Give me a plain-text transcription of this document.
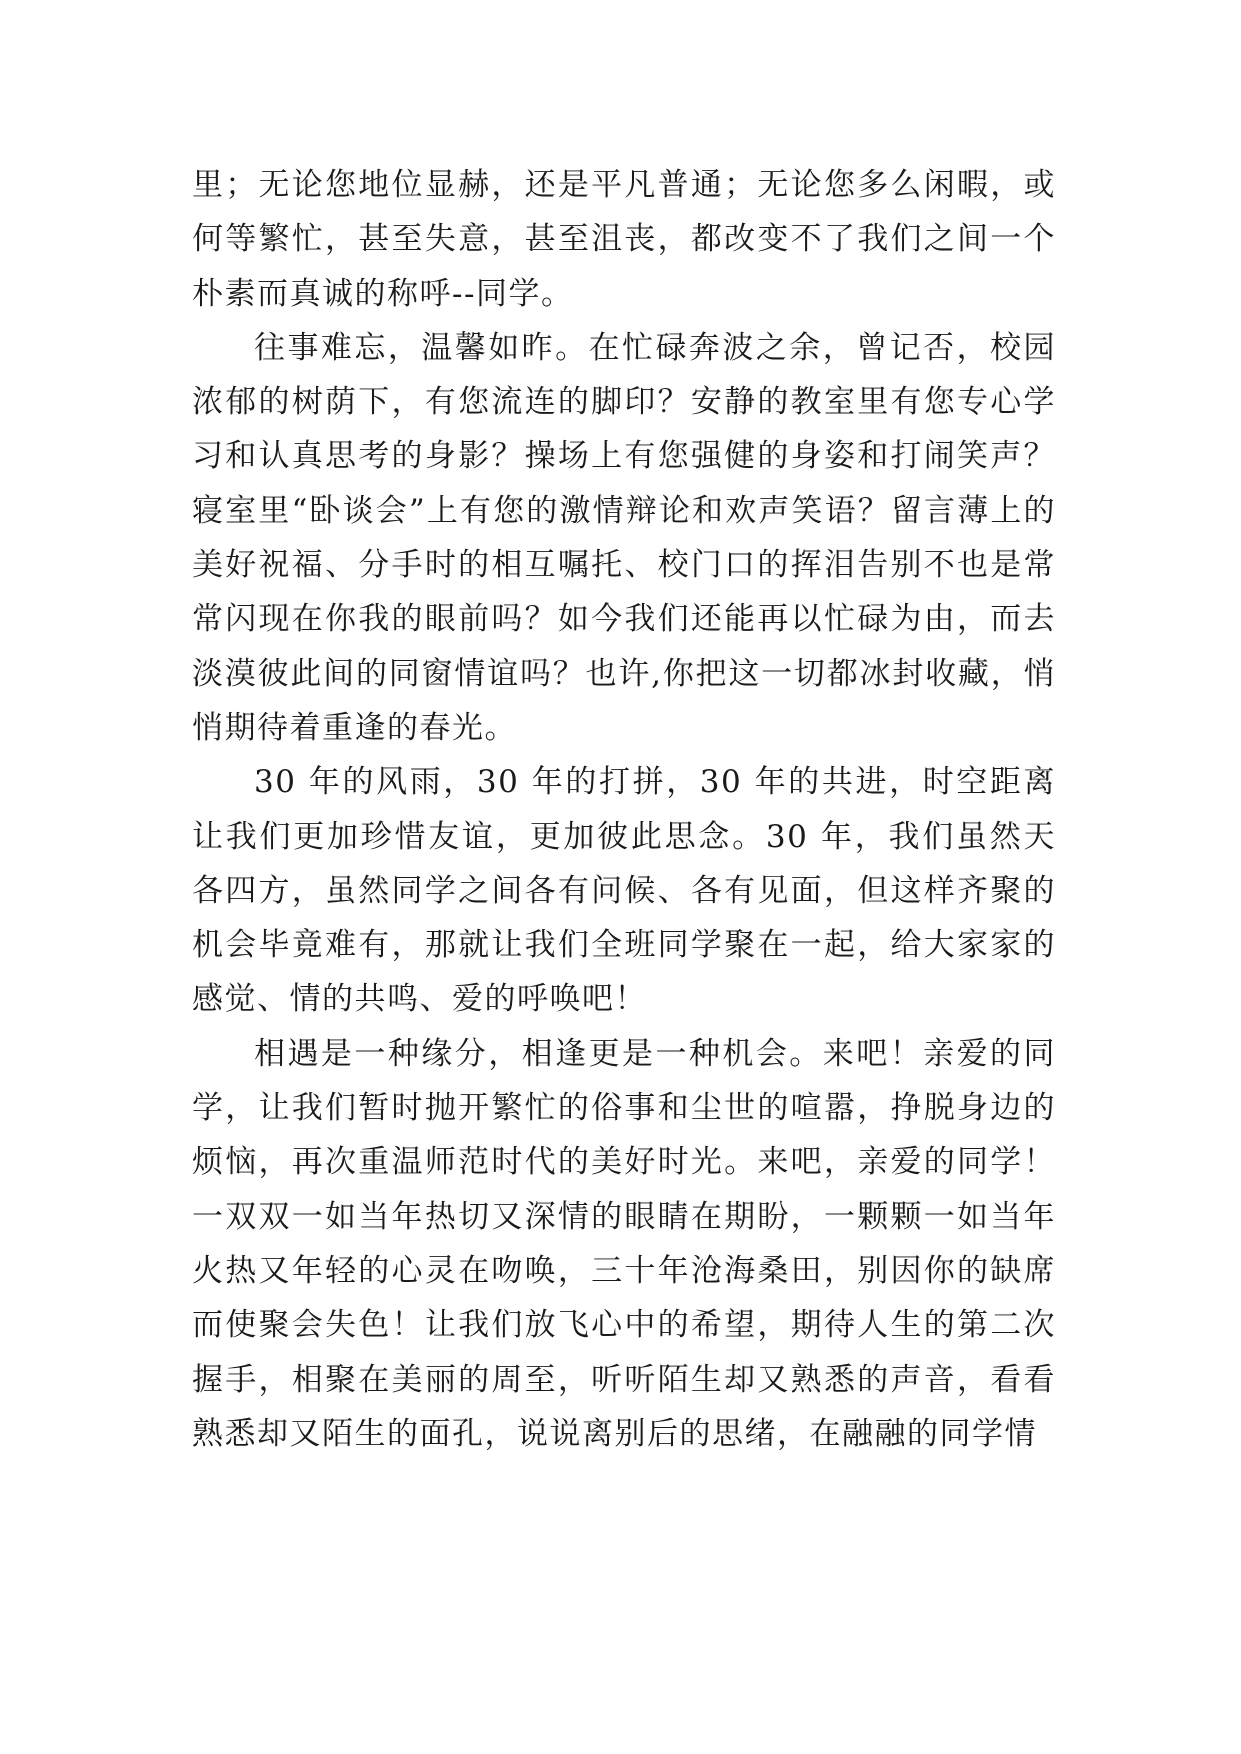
里；无论您地位显赫，还是平凡普通；无论您多么闲暇，或何等繁忙，甚至失意，甚至沮丧，都改变不了我们之间一个朴素而真诚的称呼--同学。

往事难忘，温馨如昨。在忙碌奔波之余，曾记否，校园浓郁的树荫下，有您流连的脚印？安静的教室里有您专心学习和认真思考的身影？操场上有您强健的身姿和打闹笑声？寝室里“卧谈会”上有您的激情辩论和欢声笑语？留言薄上的美好祝福、分手时的相互嘱托、校门口的挥泪告别不也是常常闪现在你我的眼前吗？如今我们还能再以忙碌为由，而去淡漠彼此间的同窗情谊吗？也许,你把这一切都冰封收藏，悄悄期待着重逢的春光。

30 年的风雨，30 年的打拼，30 年的共进，时空距离让我们更加珍惜友谊，更加彼此思念。30 年，我们虽然天各四方，虽然同学之间各有问候、各有见面，但这样齐聚的机会毕竟难有，那就让我们全班同学聚在一起，给大家家的感觉、情的共鸣、爱的呼唤吧！

相遇是一种缘分，相逢更是一种机会。来吧！亲爱的同学，让我们暂时抛开繁忙的俗事和尘世的喧嚣，挣脱身边的烦恼，再次重温师范时代的美好时光。来吧，亲爱的同学！一双双一如当年热切又深情的眼睛在期盼，一颗颗一如当年火热又年轻的心灵在吻唤，三十年沧海桑田，别因你的缺席而使聚会失色！让我们放飞心中的希望，期待人生的第二次握手，相聚在美丽的周至，听听陌生却又熟悉的声音，看看熟悉却又陌生的面孔，说说离别后的思绪，在融融的同学情
